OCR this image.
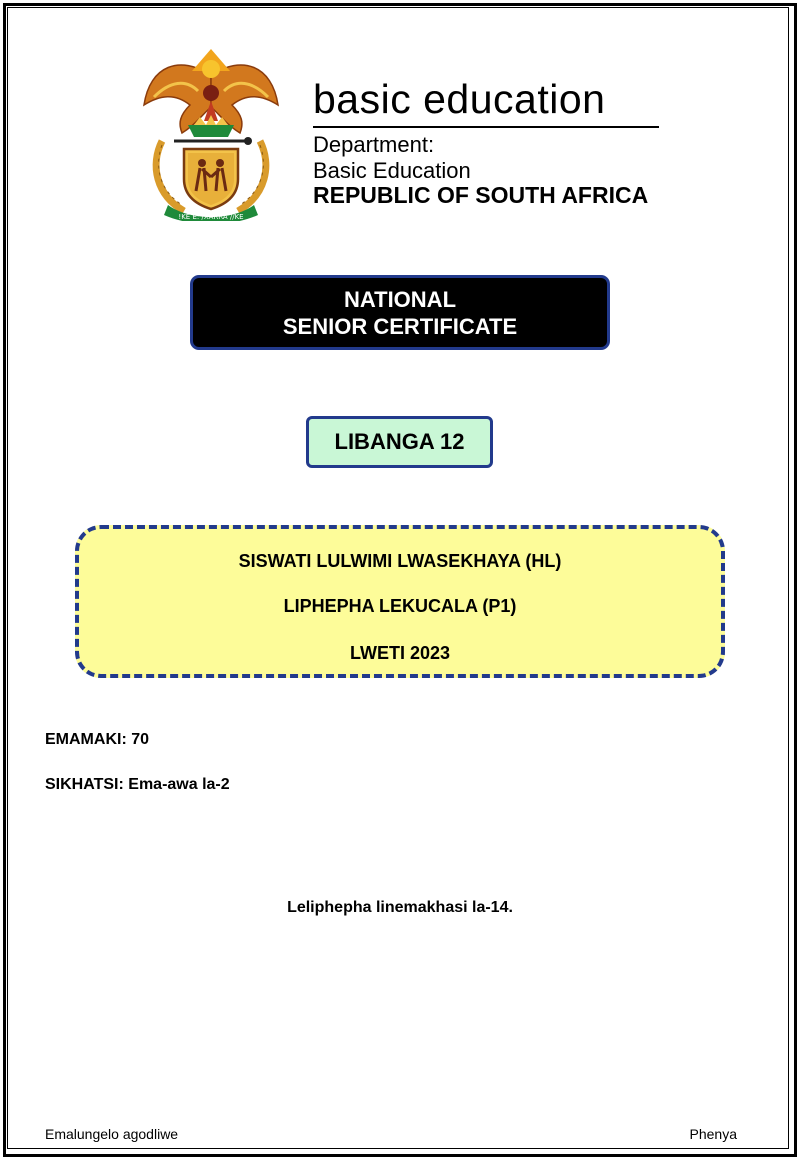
!KE E: /XARRA //KE
basic education
Department:
Basic Education
REPUBLIC OF SOUTH AFRICA
NATIONAL
SENIOR CERTIFICATE
LIBANGA 12
SISWATI LULWIMI LWASEKHAYA (HL)
LIPHEPHA LEKUCALA (P1)
LWETI 2023
EMAMAKI: 70
SIKHATSI: Ema-awa la-2
Leliphepha linemakhasi la-14.
Emalungelo agodliwe	Phenya
